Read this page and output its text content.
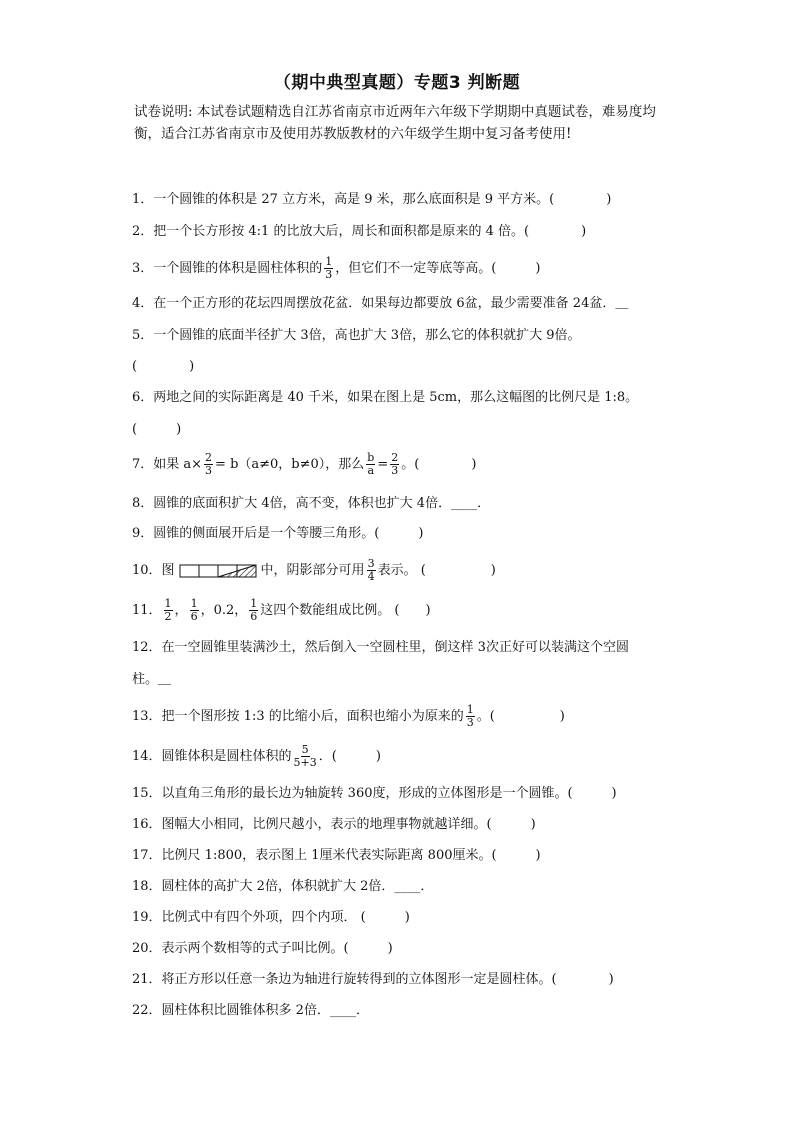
（期中典型真题）专题3 判断题
试卷说明: 本试卷试题精选自江苏省南京市近两年六年级下学期期中真题试卷，难易度均衡，适合江苏省南京市及使用苏教版教材的六年级学生期中复习备考使用!
1．一个圆锥的体积是 27 立方米，高是 9 米，那么底面积是 9 平方米。(　　　　)
2．把一个长方形按 4:1 的比放大后，周长和面积都是原来的 4 倍。(　　　　)
3．一个圆锥的体积是圆柱体积的 $\frac{1}{3}$ ，但它们不一定等底等高。(　　　)
4．在一个正方形的花坛四周摆放花盆．如果每边都要放 6盆，最少需要准备 24盆．＿
5．一个圆锥的底面半径扩大 3倍，高也扩大 3倍，那么它的体积就扩大 9倍。
(　　　　)
6．两地之间的实际距离是 40 千米，如果在图上是 5cm，那么这幅图的比例尺是 1:8。
(　　　)
7．如果 $a\times \frac{2}{3} = b(a\ne 0$，b≠0），那么 $\frac{b}{a} = \frac{2}{3}$ 。(　　　　)
8．圆锥的底面积扩大 4倍，高不变，体积也扩大 4倍．____．
9．圆锥的侧面展开后是一个等腰三角形。(　　　)
10．图	中，阴影部分可用 $\frac{3}{4}$ 表示。 (　　　　　)
11． $\frac{1}{2}$ ， $\frac{1}{6}$ ，0.2， $\frac{1}{6}$ 这四个数能组成比例。 (　　)
12．在一空圆锥里装满沙土，然后倒入一空圆柱里，倒这样 3次正好可以装满这个空圆
柱。＿
13．把一个图形按 1:3 的比缩小后，面积也缩小为原来的 $\frac{1}{3}$ 。(　　　　　)
14．圆锥体积是圆柱体积的 $\frac{5}{5+3}$ ．(　　　)
15．以直角三角形的最长边为轴旋转 360度，形成的立体图形是一个圆锥。(　　　)
16．图幅大小相同，比例尺越小，表示的地理事物就越详细。(　　　)
17．比例尺 1:800，表示图上 1厘米代表实际距离 800厘米。(　　　)
18．圆柱体的高扩大 2倍，体积就扩大 2倍．____．
19．比例式中有四个外项，四个内项． (　　　)
20．表示两个数相等的式子叫比例。(　　　)
21．将正方形以任意一条边为轴进行旋转得到的立体图形一定是圆柱体。(　　　　)
22．圆柱体积比圆锥体积多 2倍．____．
